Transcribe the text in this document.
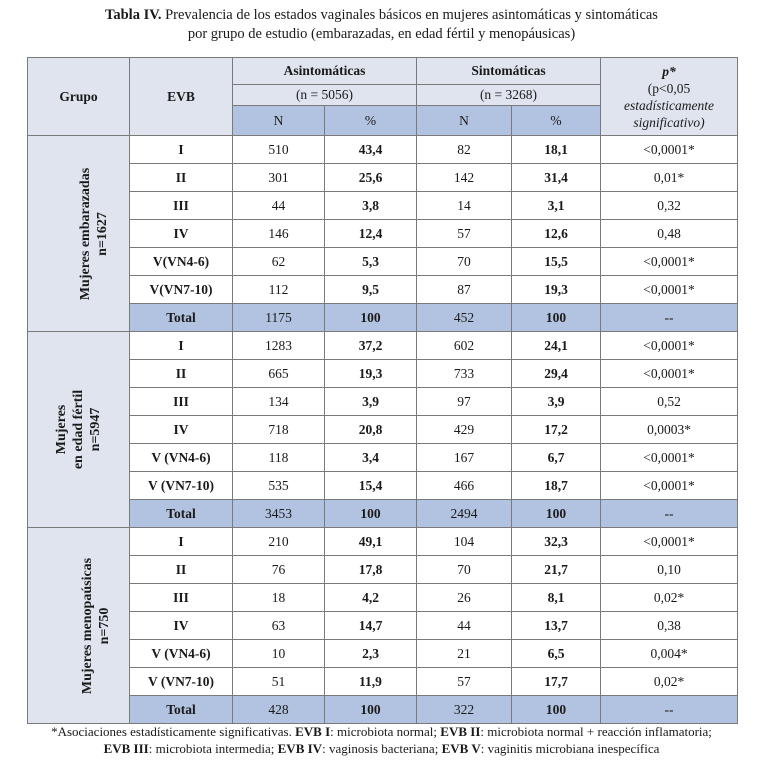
Tabla IV. Prevalencia de los estados vaginales básicos en mujeres asintomáticas y sintomáticas
por grupo de estudio (embarazadas, en edad fértil y menopáusicas)
Grupo	EVB	Asintomáticas		Sintomáticas		p*
(p<0,05
estadísticamente
significativo)

		(n = 5056)		(n = 3268)		
		N	%	N	%	
Mujeres embarazadas n=1627	I	510	43,4	82	18,1	<0,0001*
	II	301	25,6	142	31,4	0,01*
	III	44	3,8	14	3,1	0,32
	IV	146	12,4	57	12,6	0,48
	V(VN4-6)	62	5,3	70	15,5	<0,0001*
	V(VN7-10)	112	9,5	87	19,3	<0,0001*
	Total	1175	100	452	100	--
Mujeres en edad fértil n=5947	I	1283	37,2	602	24,1	<0,0001*
	II	665	19,3	733	29,4	<0,0001*
	III	134	3,9	97	3,9	0,52
	IV	718	20,8	429	17,2	0,0003*
	V (VN4-6)	118	3,4	167	6,7	<0,0001*
	V (VN7-10)	535	15,4	466	18,7	<0,0001*
	Total	3453	100	2494	100	--
Mujeres menopaúsicas n=750	I	210	49,1	104	32,3	<0,0001*
	II	76	17,8	70	21,7	0,10
	III	18	4,2	26	8,1	0,02*
	IV	63	14,7	44	13,7	0,38
	V (VN4-6)	10	2,3	21	6,5	0,004*
	V (VN7-10)	51	11,9	57	17,7	0,02*
	Total	428	100	322	100	--
*Asociaciones estadísticamente significativas. EVB I: microbiota normal; EVB II: microbiota normal + reacción inflamatoria;
EVB III: microbiota intermedia; EVB IV: vaginosis bacteriana; EVB V: vaginitis microbiana inespecífica
